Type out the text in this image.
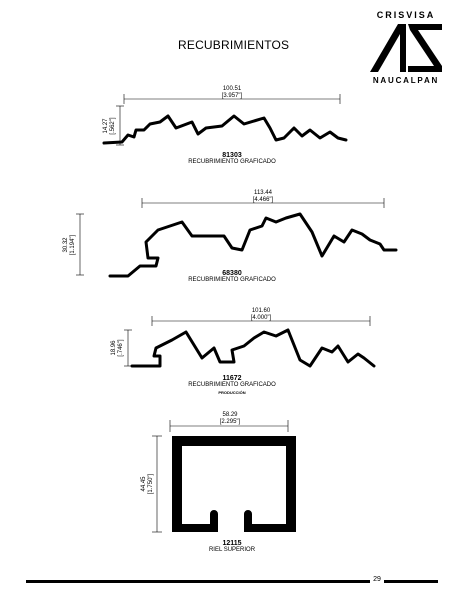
RECUBRIMIENTOS
CRISVISA
NAUCALPAN
100.51
[3.957"]
14.27
[.562"]
81303
RECUBRIMIENTO GRAFICADO
113.44
[4.466"]
30.32
[1.194"]
68380
RECUBRIMIENTO GRAFICADO
101.60
[4.000"]
18.96
[.746"]
11672
RECUBRIMIENTO GRAFICADO
PRODUCCIÓN
58.29
[2.295"]
44.45
[1.750"]
12115
RIEL SUPERIOR
29
